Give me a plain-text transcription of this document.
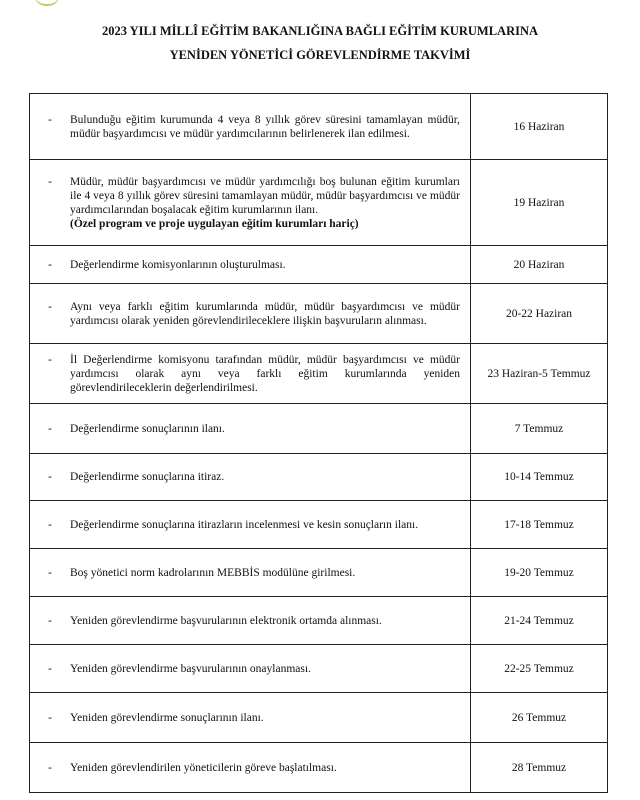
2023 YILI MİLLÎ EĞİTİM BAKANLIĞINA BAĞLI EĞİTİM KURUMLARINA
YENİDEN YÖNETİCİ GÖREVLENDİRME TAKVİMİ
- Bulunduğu eğitim kurumunda 4 veya 8 yıllık görev süresini tamamlayan müdür, müdür başyardımcısı ve müdür yardımcılarının belirlenerek ilan edilmesi.	16 Haziran

- Müdür, müdür başyardımcısı ve müdür yardımcılığı boş bulunan eğitim kurumları ile 4 veya 8 yıllık görev süresini tamamlayan müdür, müdür başyardımcısı ve müdür yardımcılarından boşalacak eğitim kurumlarının ilanı.
(Özel program ve proje uygulayan eğitim kurumları hariç)	19 Haziran

- Değerlendirme komisyonlarının oluşturulması.	20 Haziran

- Aynı veya farklı eğitim kurumlarında müdür, müdür başyardımcısı ve müdür yardımcısı olarak yeniden görevlendirileceklere ilişkin başvuruların alınması.	20-22 Haziran

- İl Değerlendirme komisyonu tarafından müdür, müdür başyardımcısı ve müdür yardımcısı olarak aynı veya farklı eğitim kurumlarında yeniden görevlendirileceklerin değerlendirilmesi.	23 Haziran-5 Temmuz

- Değerlendirme sonuçlarının ilanı.	7 Temmuz

- Değerlendirme sonuçlarına itiraz.	10-14 Temmuz

- Değerlendirme sonuçlarına itirazların incelenmesi ve kesin sonuçların ilanı.	17-18 Temmuz

- Boş yönetici norm kadrolarının MEBBİS modülüne girilmesi.	19-20 Temmuz

- Yeniden görevlendirme başvurularının elektronik ortamda alınması.	21-24 Temmuz

- Yeniden görevlendirme başvurularının onaylanması.	22-25 Temmuz

- Yeniden görevlendirme sonuçlarının ilanı.	26 Temmuz

- Yeniden görevlendirilen yöneticilerin göreve başlatılması.	28 Temmuz
